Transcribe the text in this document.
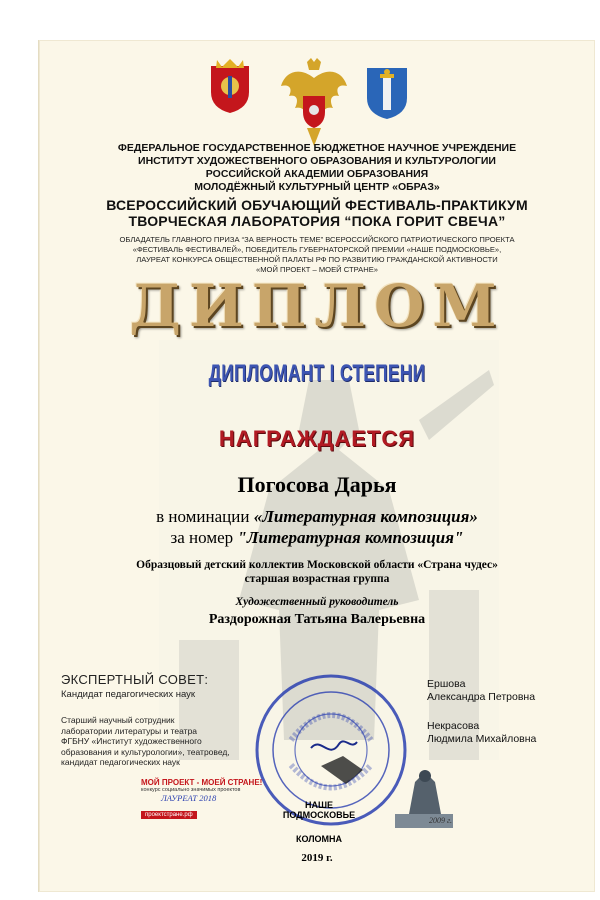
ФЕДЕРАЛЬНОЕ ГОСУДАРСТВЕННОЕ БЮДЖЕТНОЕ НАУЧНОЕ УЧРЕЖДЕНИЕ
ИНСТИТУТ ХУДОЖЕСТВЕННОГО ОБРАЗОВАНИЯ И КУЛЬТУРОЛОГИИ
РОССИЙСКОЙ АКАДЕМИИ ОБРАЗОВАНИЯ
МОЛОДЁЖНЫЙ КУЛЬТУРНЫЙ ЦЕНТР «ОБРАЗ»
ВСЕРОССИЙСКИЙ ОБУЧАЮЩИЙ ФЕСТИВАЛЬ-ПРАКТИКУМ
ТВОРЧЕСКАЯ ЛАБОРАТОРИЯ “ПОКА ГОРИТ СВЕЧА”
ОБЛАДАТЕЛЬ ГЛАВНОГО ПРИЗА “ЗА ВЕРНОСТЬ ТЕМЕ” ВСЕРОССИЙСКОГО ПАТРИОТИЧЕСКОГО ПРОЕКТА
«ФЕСТИВАЛЬ ФЕСТИВАЛЕЙ», ПОБЕДИТЕЛЬ ГУБЕРНАТОРСКОЙ ПРЕМИИ «НАШЕ ПОДМОСКОВЬЕ»,
ЛАУРЕАТ КОНКУРСА ОБЩЕСТВЕННОЙ ПАЛАТЫ РФ ПО РАЗВИТИЮ ГРАЖДАНСКОЙ АКТИВНОСТИ
«МОЙ ПРОЕКТ – МОЕЙ СТРАНЕ»
ДИПЛОМ
ДИПЛОМАНТ I СТЕПЕНИ
НАГРАЖДАЕТСЯ
Погосова Дарья
в номинации «Литературная композиция»
за номер "Литературная композиция"
Образцовый детский коллектив Московской области «Страна чудес»
старшая возрастная группа
Художественный руководитель
Раздорожная Татьяна Валерьевна
ЭКСПЕРТНЫЙ СОВЕТ:
Кандидат педагогических наук
Старший научный сотрудник
лаборатории литературы и театра
ФГБНУ «Институт художественного
образования и культурологии», театровед,
кандидат педагогических наук
Ершова
Александра Петровна
Некрасова
Людмила Михайловна
МОЙ ПРОЕКТ - МОЕЙ СТРАНЕ!
конкурс социально значимых проектов
ЛАУРЕАТ 2018
проектстране.рф
НАШЕ
ПОДМОСКОВЬЕ
КОЛОМНА
2009 г.
2019 г.
